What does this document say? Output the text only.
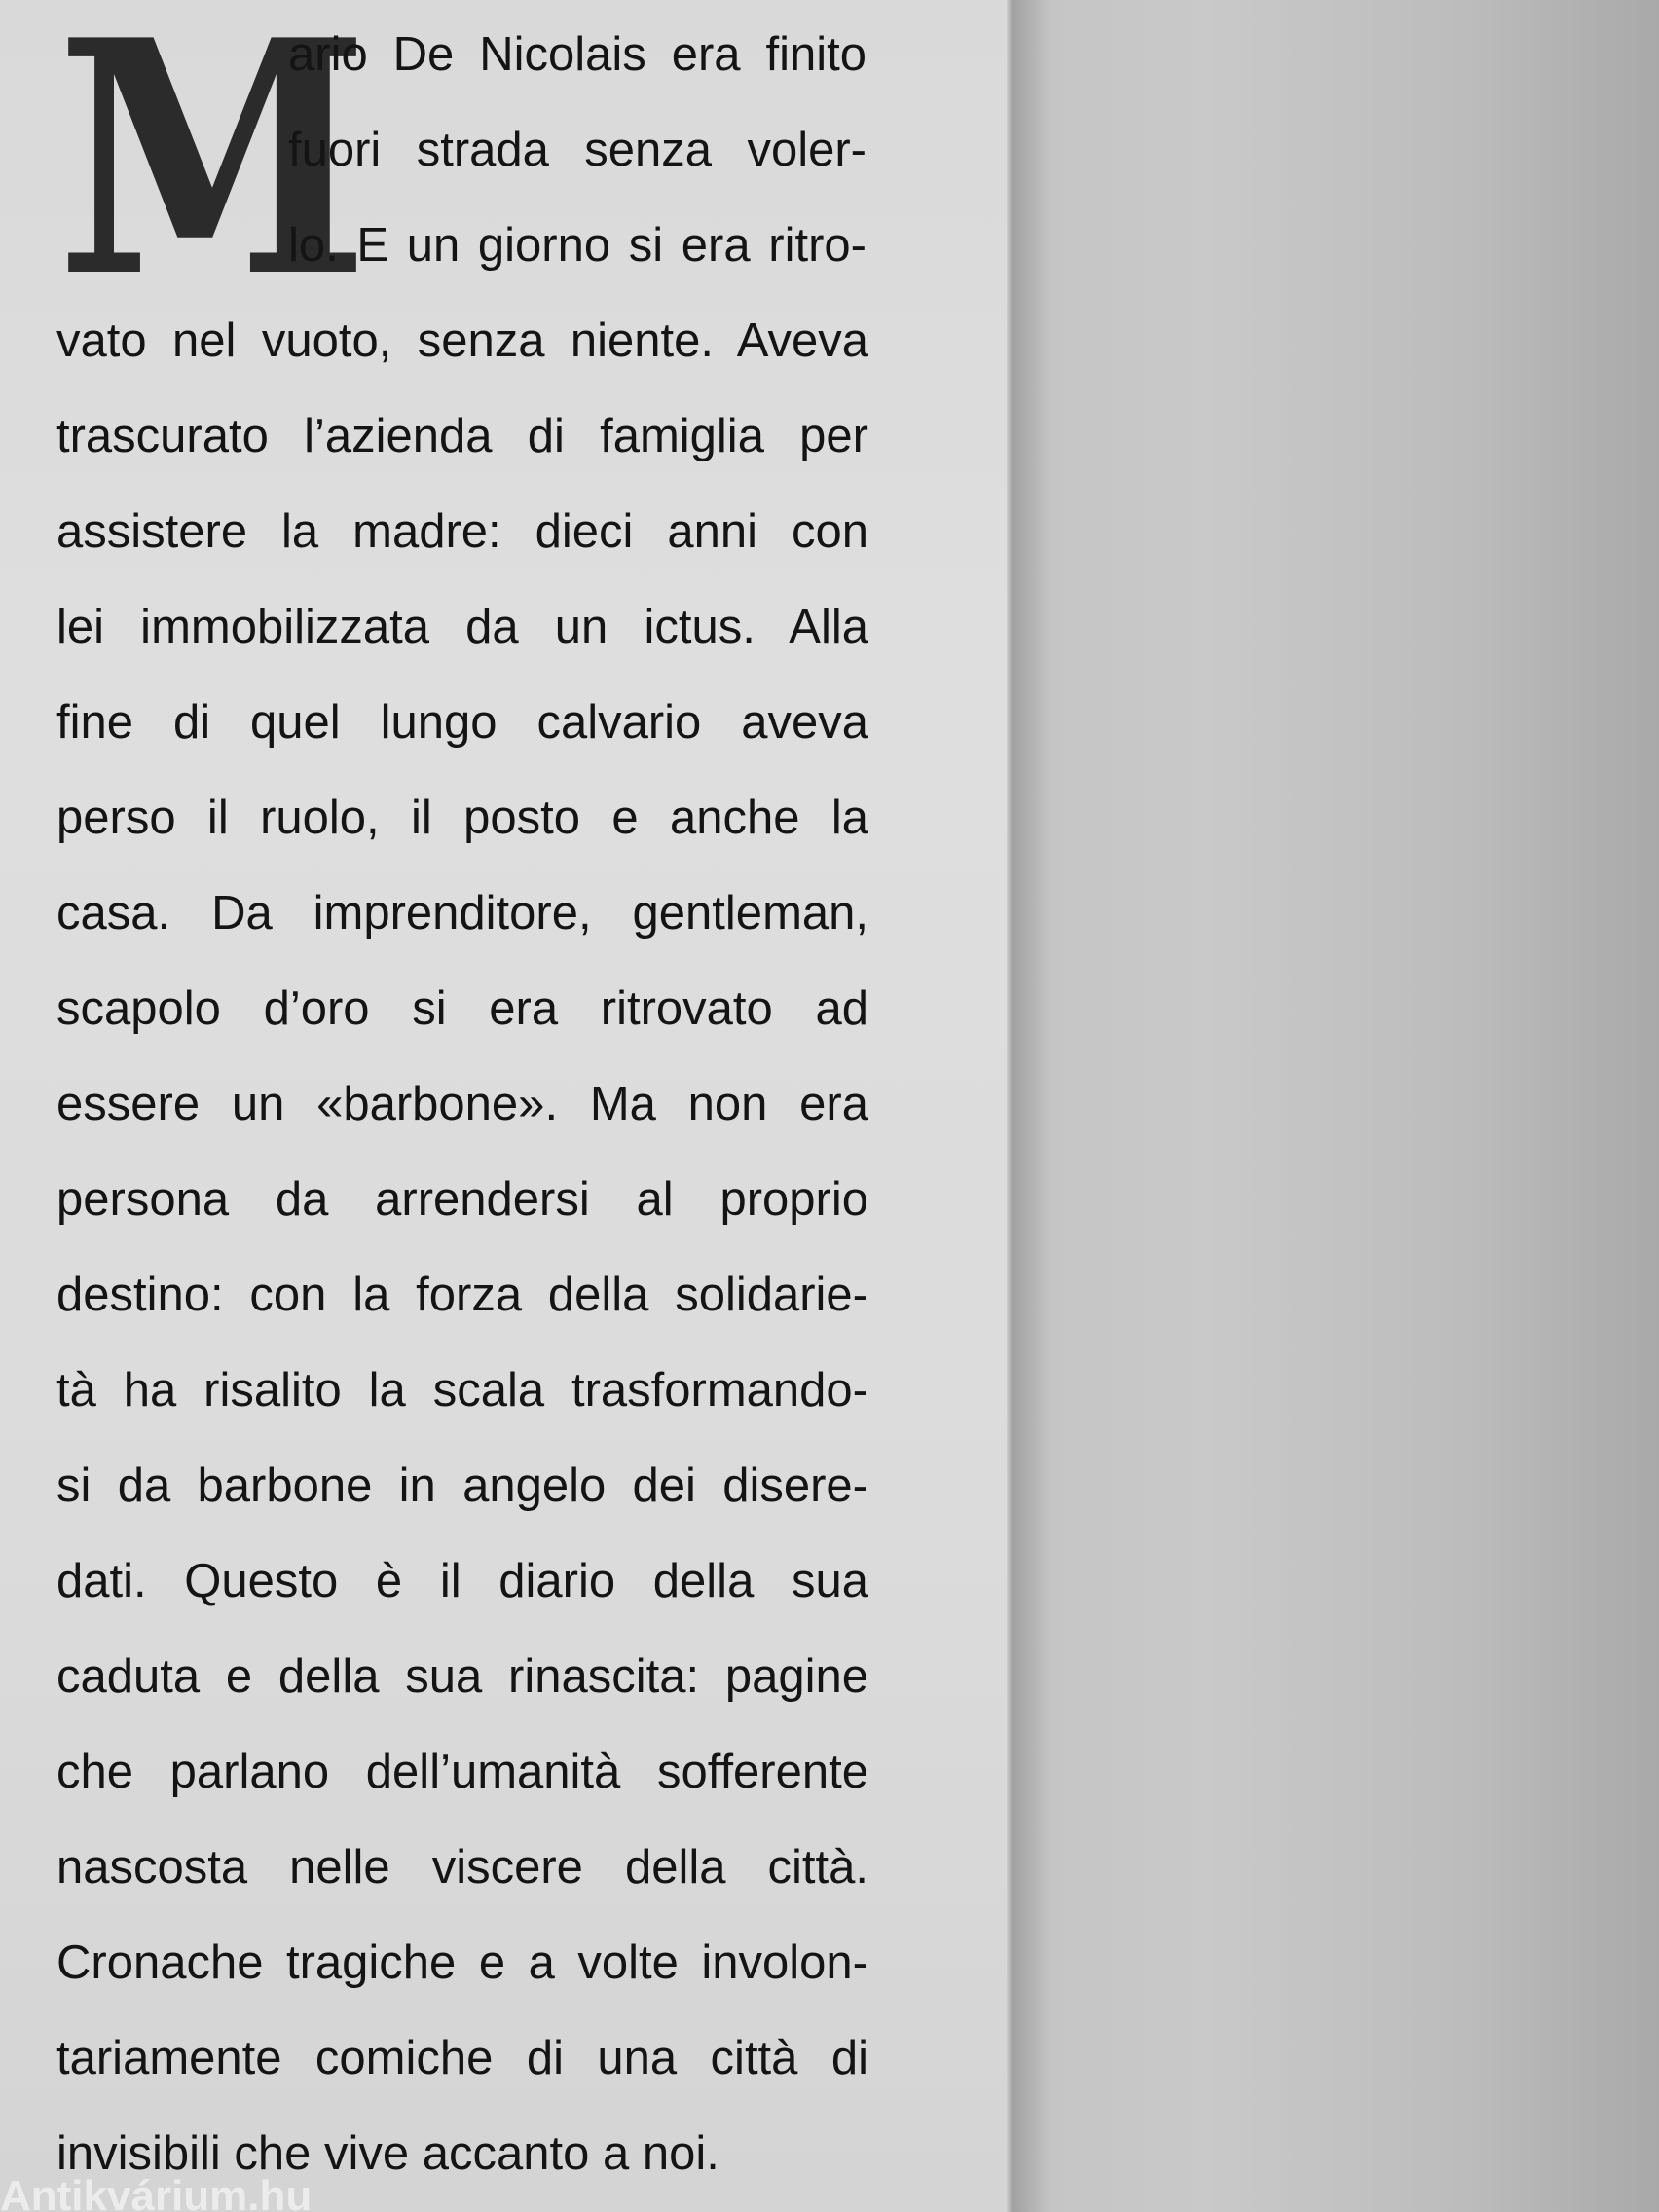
M
ario De Nicolais era finito
fuori strada senza voler-
lo. E un giorno si era ritro-
vato nel vuoto, senza niente. Aveva
trascurato l’azienda di famiglia per
assistere la madre: dieci anni con
lei immobilizzata da un ictus. Alla
fine di quel lungo calvario aveva
perso il ruolo, il posto e anche la
casa. Da imprenditore, gentleman,
scapolo d’oro si era ritrovato ad
essere un «barbone». Ma non era
persona da arrendersi al proprio
destino: con la forza della solidarie-
tà ha risalito la scala trasformando-
si da barbone in angelo dei disere-
dati. Questo è il diario della sua
caduta e della sua rinascita: pagine
che parlano dell’umanità sofferente
nascosta nelle viscere della città.
Cronache tragiche e a volte involon-
tariamente comiche di una città di
invisibili che vive accanto a noi.
Antikvárium.hu
